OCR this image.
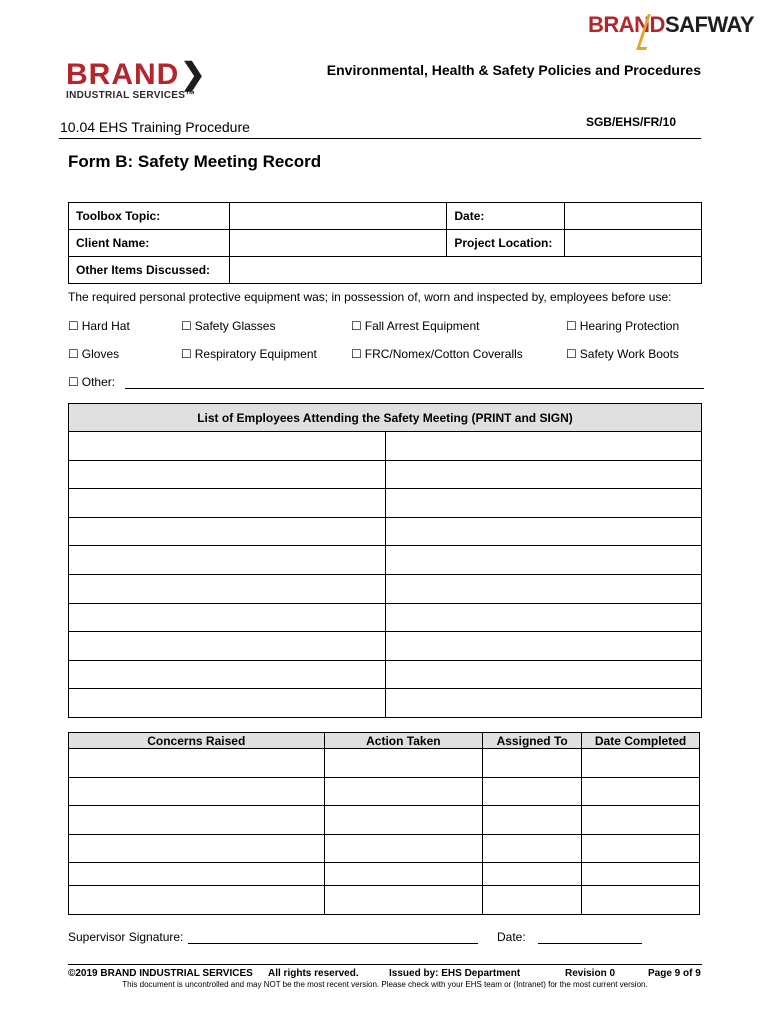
BRANDSAFWAY
BRAND❯
INDUSTRIAL SERVICES™
Environmental, Health & Safety Policies and Procedures
10.04 EHS Training Procedure	SGB/EHS/FR/10
Form B: Safety Meeting Record
Toolbox Topic:		Date:	
Client Name:		Project Location:	
Other Items Discussed:			
The required personal protective equipment was; in possession of, worn and inspected by, employees before use:
☐ Hard Hat	☐ Safety Glasses	☐ Fall Arrest Equipment	☐ Hearing Protection
☐ Gloves	☐ Respiratory Equipment	☐ FRC/Nomex/Cotton Coveralls	☐ Safety Work Boots
☐ Other:
List of Employees Attending the Safety Meeting (PRINT and SIGN)	

Concerns Raised	Action Taken	Assigned To	Date Completed

Supervisor Signature:	Date:
©2019 BRAND INDUSTRIAL SERVICES All rights reserved.	Issued by: EHS Department	Revision 0	Page 9 of 9
This document is uncontrolled and may NOT be the most recent version. Please check with your EHS team or (Intranet) for the most current version.
